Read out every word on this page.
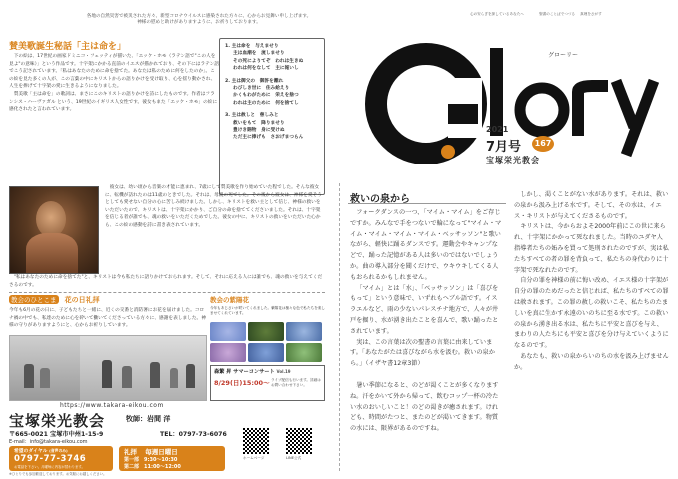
各地の自然災害で被災された方々、新型コロナウイルスに感染された方々に、心からお見舞い申し上げます。
神様の慰めと助けがありますように、お祈りしております。
心の安らぎを探しているあなたへ	聖書のことばでつづる 真理をさがす
賛美歌誕生秘話「主は命を」
下の絵は、17世紀の画家ドミニコ・フェッティが描いた、「エッケ・ホモ（ラテン語で"この人を見よ"の意味）」という作品です。十字架にかかる直前のイエスが描かれており、その下にはラテン語でこう記されています。「私はあなたのために命を捨てた。あなたは私のために何をしたのか」。この絵を見た多くの人が、この言葉の中にキリストからの語りかけを受け取り、心を揺り動かされ、人生を捧げて十字架の愛に生きるようになりました。
賛美歌「主は命を」の歌詞は、まさにこのキリストの語りかけを詩にしたものです。作者はフランシス・ハーヴァガル という、19世紀のイギリス人女性です。彼女もまた「エッケ・ホモ」の絵に感化されたと言われています。
1. 主は命を　与えませり
主は血潮を　流しませり
その死によりてぞ　われは生きぬ
われは何をなして　主に報いし
2. 主は御父の　御許を離れ
わびしき世に　住み給えり
かくもわがために　栄えを捨つ
われは主のために　何を捨てし
3. 主は赦しと　慈しみと
救いをもて　降りませり
豊けき賜物　身に受けぬ
ただ主に捧げも　さおげまつらん
彼女は、幼い頃から音楽の才能に恵まれ、7歳にして賛美歌を作り始めていた程でした。そんな彼女に、転機が訪れたのは11歳のときでした。それは、母親の死でした。その後から彼女は、神様を愛そうとしても愛せない自分の心に苦しみ続けました。しかし、キリストを救い主として信じ、神様の救いをいただいたので、キリストは、十字架にかかり、ご自分の命を捨ててくださいました。それは、十字架を信じる者が誰でも、魂の救いをいただくためでした。彼女の中に、キリストの救いをいただいた心から、この絵の感動を詩に書き表されています。
"私はあなたのために命を捨てた"と、キリストは今も私たちに語りかけておられます。そして、それに応える人には誰でも、魂の救いを与えてくださるのです。
グローリー
2021
7月号	167
宝塚栄光教会
教会のひとこま 花の日礼拝
今年も6月の花の日に、子どもたちと一緒に、近くの交番と消防署にお花を届けました。コロナ禍の中でも、私達のために心を砕いて働いてくださっている方々に、感謝を表しました。神様の守りがありますようにと、心からお祈りしています。
教会の紫陽花
今年もあじさいが咲いてくれました。紫陽花は様々な色で私たちを楽しませてくれています。
森繁 昇 サマーコンサート Vol.19
8/29(日)15:00～ ライブ配信も行います。詳細はお問い合わせ下さい。
https://www.takara-eikou.com
宝塚栄光教会	牧師：岩間 洋
〒665-0021 宝塚市中州1-15-9	TEL：0797-73-6076
E-mail：info@takara-eikou.com
希望のダイヤル (音声のみ)
0797-77-3746
お電話を下さい。月曜毎に内容が替わります。
礼拝 毎週日曜日
第一部　9:30～10:30
第二部　11:00～12:00
※ひとりでも参加歓迎しております。お気軽にお越しください。
ホームページ	LINE公式
救いの泉から
フォークダンスの一つ、「マイム・マイム」をご存じですか。みんなで手をつないで輪になって"マイム・マイム・マイム・マイム・マイム・ベッサッソン"と歌いながら、軽快に踊るダンスです。運動会やキャンプなどで、踊った記憶がある人は多いのではないでしょうか。曲の導入部分を聞くだけで、ウキウキしてくる人もおられるかもしれません。
「マイム」とは「水」、「ベッサッソン」は「喜びをもって」という意味で、いずれもヘブル語です。イスラエルなど、雨の少ないパレスチナ地方で、人々が井戸を掘り、水が湧き出たことを喜んで、歌い踊ったとされています。
実は、この言葉は次の聖書の言葉に由来しています。「あなたがたは喜びながら水を汲む。救いの泉から。」（イザヤ書12章3節）
しかし、渇くことがない水があります。それは、救いの泉から汲み上げる水です。そして、その水は、イエス・キリストが与えてくださるものです。
キリストは、今からおよそ2000年前にこの世に来られ、十字架にかかって死なれました。当時のユダヤ人指導者たちの妬みを買って処刑されたのですが、実は私たちすべての者の罪を背負って、私たちの身代わりに十字架で死なれたのです。
自分の罪を神様の前に悔い改め、イエス様の十字架が自分の罪のためだったと信じれば、私たちのすべての罪は赦されます。この罪の赦しの救いこそ、私たちのたましいを真に生かす永遠のいのちに至る水です。この救いの泉から湧き出る水は、私たちに平安と喜びを与え、まわりの人たちにも平安と喜びを分け与えていくようになるのです。
あなたも、救いの泉からいのちの水を汲み上げませんか。
暑い季節になると、のどが渇くことが多くなりますね。汗をかいて外から帰って、飲むコップ一杯の冷たい水のおいしいこと！のどの渇きが癒されます。けれども、時間がたつと、またのどが渇いてきます。物質の水には、限界があるのですね。
